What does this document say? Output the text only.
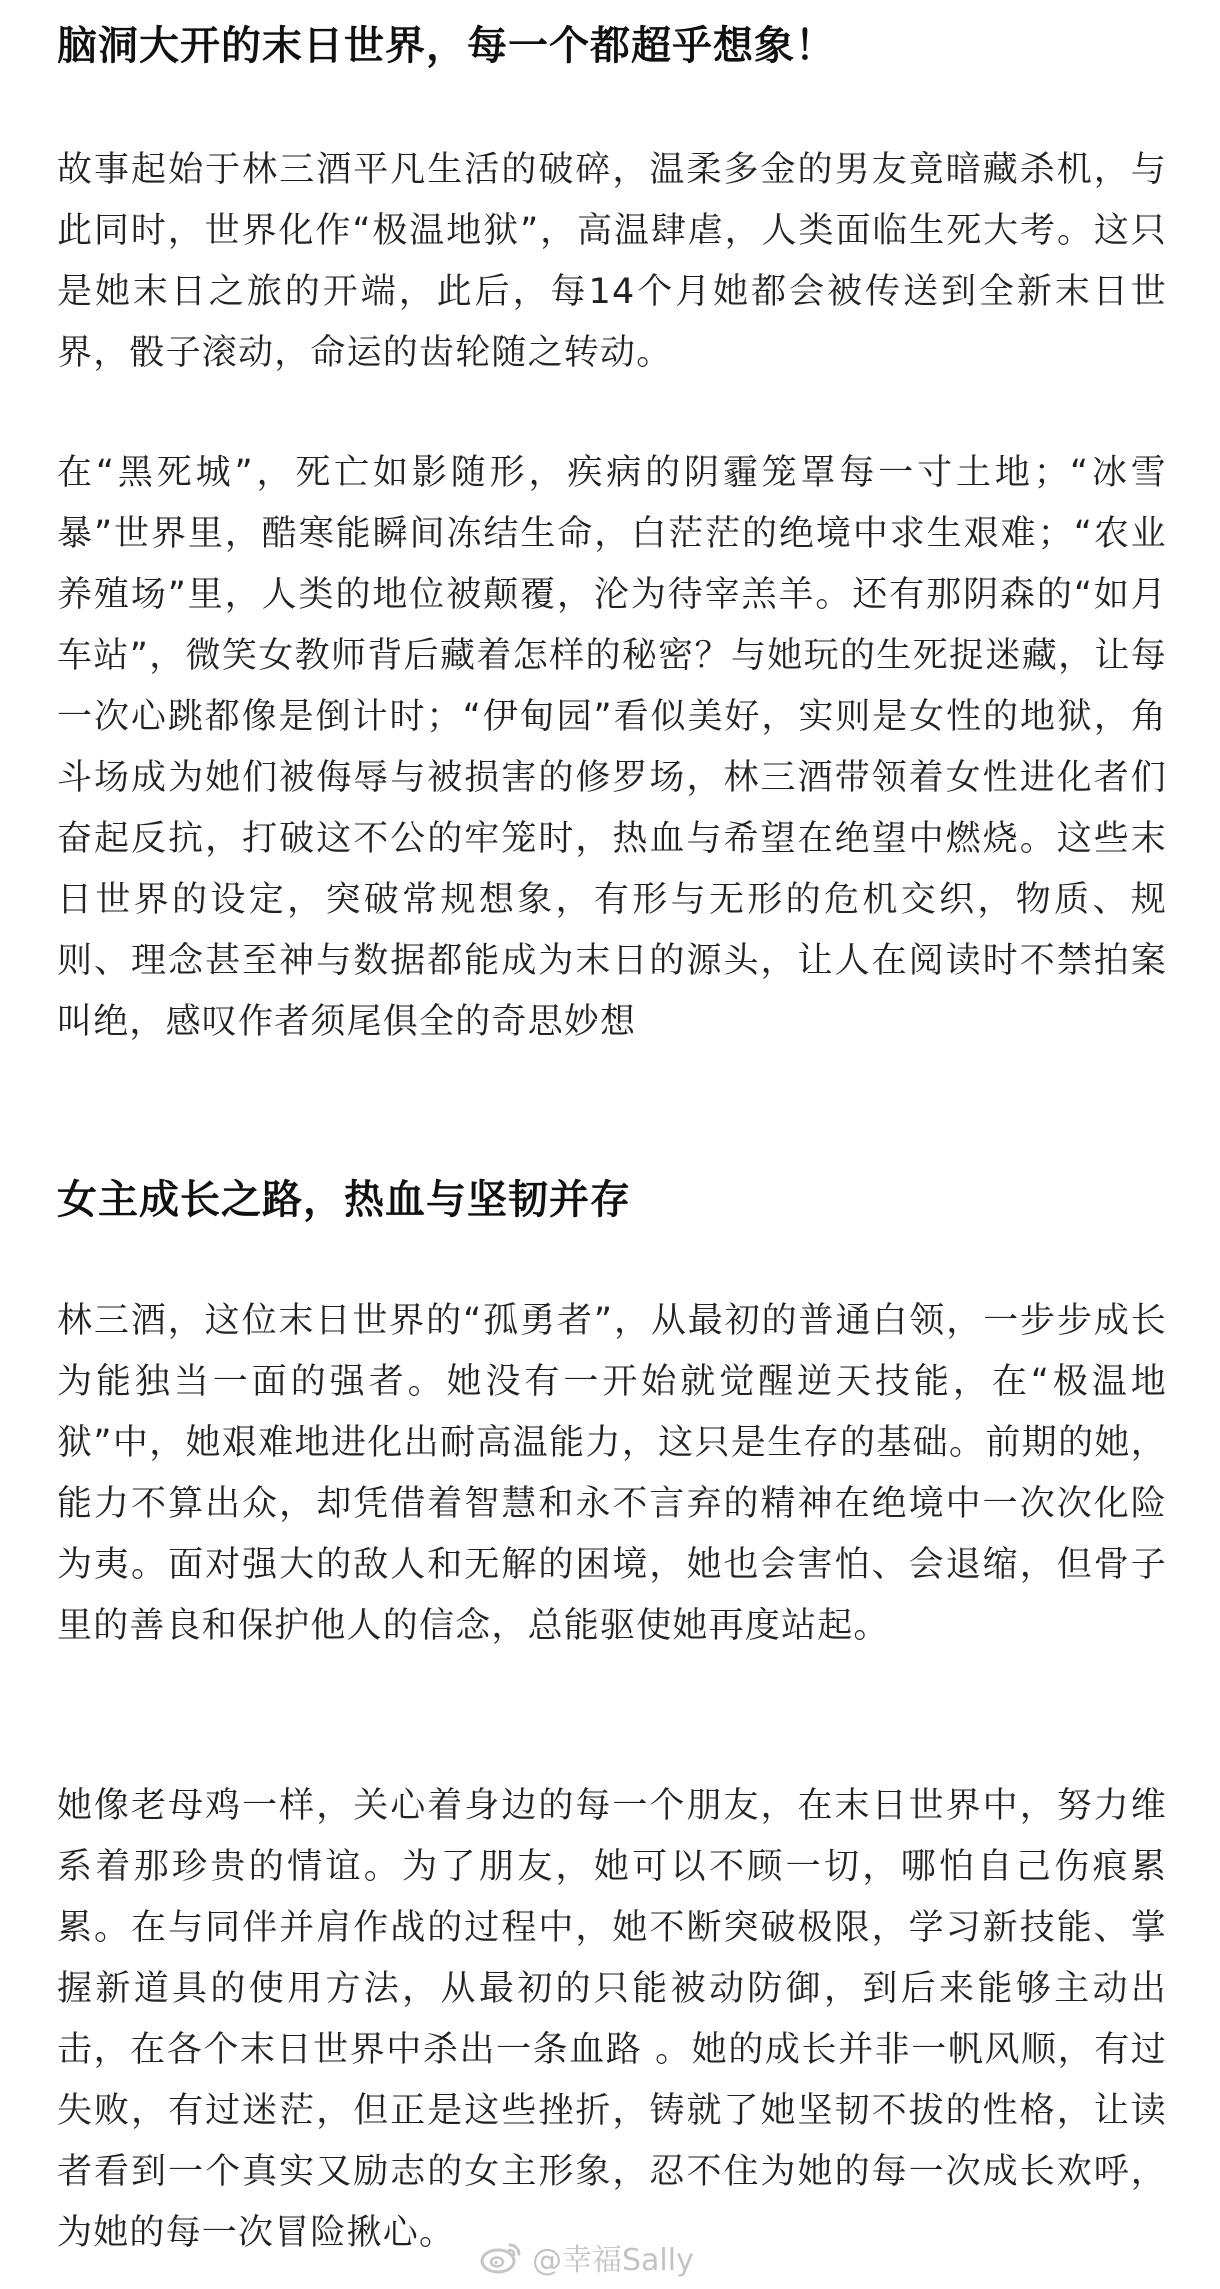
脑洞大开的末日世界，每一个都超乎想象！

故事起始于林三酒平凡生活的破碎，温柔多金的男友竟暗藏杀机，与此同时，世界化作“极温地狱”，高温肆虐，人类面临生死大考。这只是她末日之旅的开端，此后，每14个月她都会被传送到全新末日世界，骰子滚动，命运的齿轮随之转动。

在“黑死城”，死亡如影随形，疾病的阴霾笼罩每一寸土地；“冰雪暴”世界里，酷寒能瞬间冻结生命，白茫茫的绝境中求生艰难；“农业养殖场”里，人类的地位被颠覆，沦为待宰羔羊。还有那阴森的“如月车站”，微笑女教师背后藏着怎样的秘密？与她玩的生死捉迷藏，让每一次心跳都像是倒计时；“伊甸园”看似美好，实则是女性的地狱，角斗场成为她们被侮辱与被损害的修罗场，林三酒带领着女性进化者们奋起反抗，打破这不公的牢笼时，热血与希望在绝望中燃烧。这些末日世界的设定，突破常规想象，有形与无形的危机交织，物质、规则、理念甚至神与数据都能成为末日的源头，让人在阅读时不禁拍案叫绝，感叹作者须尾俱全的奇思妙想

女主成长之路，热血与坚韧并存

林三酒，这位末日世界的“孤勇者”，从最初的普通白领，一步步成长为能独当一面的强者。她没有一开始就觉醒逆天技能，在“极温地狱”中，她艰难地进化出耐高温能力，这只是生存的基础。前期的她，能力不算出众，却凭借着智慧和永不言弃的精神在绝境中一次次化险为夷。面对强大的敌人和无解的困境，她也会害怕、会退缩，但骨子里的善良和保护他人的信念，总能驱使她再度站起。

她像老母鸡一样，关心着身边的每一个朋友，在末日世界中，努力维系着那珍贵的情谊。为了朋友，她可以不顾一切，哪怕自己伤痕累累。在与同伴并肩作战的过程中，她不断突破极限，学习新技能、掌握新道具的使用方法，从最初的只能被动防御，到后来能够主动出击，在各个末日世界中杀出一条血路 。她的成长并非一帆风顺，有过失败，有过迷茫，但正是这些挫折，铸就了她坚韧不拔的性格，让读者看到一个真实又励志的女主形象，忍不住为她的每一次成长欢呼，为她的每一次冒险揪心。

@幸福Sally
